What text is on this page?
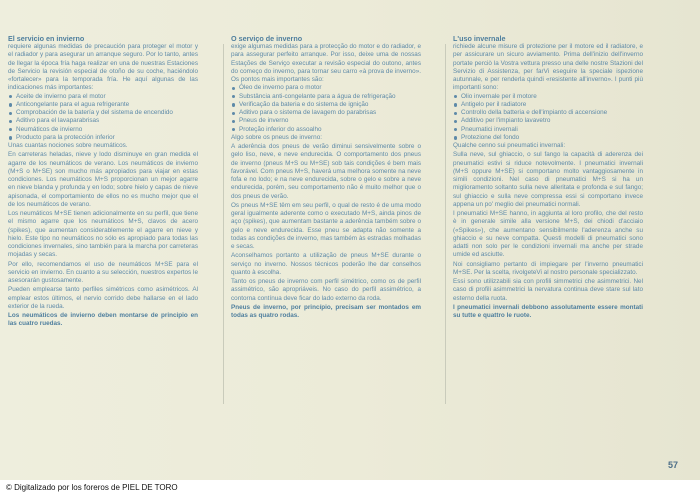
El servicio en invierno

requiere algunas medidas de precaución para proteger el motor y el radiador y para asegurar un arranque seguro. Por lo tanto, antes de llegar la época fría haga realizar en una de nuestras Estaciones de Servicio la revisión especial de otoño de su coche, haciéndolo «fortalecer» para la temporada fría. He aquí algunas de las indicaciones más importantes:

Aceite de invierno para el motor
Anticongelante para el agua refrigerante
Comprobación de la batería y del sistema de encendido
Aditivo para el lavaparabrisas
Neumáticos de invierno
Producto para la protección inferior

Unas cuantas nociones sobre neumáticos.

En carreteras heladas, nieve y lodo disminuye en gran medida el agarre de los neumáticos de verano. Los neumáticos de invierno (M+S o M+SE) son mucho más apropiados para viajar en estas condiciones. Los neumáticos M+S proporcionan un mejor agarre en nieve blanda y profunda y en lodo; sobre hielo y capas de nieve apisonada, el comportamiento de ellos no es mucho mejor que el de los neumáticos de verano.

Los neumáticos M+SE tienen adicionalmente en su perfil, que tiene el mismo agarre que los neumáticos M+S, clavos de acero (spikes), que aumentan considerablemente el agarre en nieve y hielo. Este tipo no neumáticos no sólo es apropiado para todas las condiciones invernales, sino también para la marcha por carreteras mojadas y secas.

Por ello, recomendamos el uso de neumáticos M+SE para el servicio en invierno. En cuanto a su selección, nuestros expertos le asesorarán gustosamente.

Pueden emplearse tanto perfiles simétricos como asimétricos. Al emplear estos últimos, el nervio corrido debe hallarse en el lado exterior de la rueda.

Los neumáticos de invierno deben montarse de principio en las cuatro ruedas.

O serviço de inverno

exige algumas medidas para a protecção do motor e do radiador, e para assegurar perfeito arranque. Por isso, deixe uma de nossas Estações de Serviço executar a revisão especial do outono, antes do começo do inverno, para tornar seu carro «à prova de inverno». Os pontos mais importantes são:

Óleo de inverno para o motor
Substância anti-congelante para a água de refrigeração
Verificação da bateria e do sistema de ignição
Aditivo para o sistema de lavagem do parabrisas
Pneus de inverno
Proteção inferior do assoalho

Algo sobre os pneus de inverno:

A aderência dos pneus de verão diminui sensivelmente sobre o gelo liso, neve, e neve endurecida. O comportamento dos pneus de inverno (pneus M+S ou M+SE) sob tais condições é bem mais favorável. Com pneus M+S, haverá uma melhora somente na neve fofa e no lodo; e na neve endurecida, sobre o gelo e sobre a neve endurecida, porém, seu comportamento não é muito melhor que o dos pneus de verão.

Os pneus M+SE têm em seu perfil, o qual de resto é de uma modo geral igualmente aderente como o executado M+S, ainda pinos de aço (spikes), que aumentam bastante a aderência também sobre o gelo e neve endurecida. Esse pneu se adapta não somente a todas as condições de inverno, mas também às estradas molhadas e secas.

Aconselhamos portanto a utilização de pneus M+SE durante o serviço no inverno. Nossos técnicos poderão lhe dar conselhos quanto à escolha.

Tanto os pneus de inverno com perfil simétrico, como os de perfil assimétrico, são apropriáveis. No caso do perfil assimétrico, a contorna contínua deve ficar do lado externo da roda.

Pneus de inverno, por princípio, precisam ser montados em todas as quatro rodas.

L'uso invernale

richiede alcune misure di protezione per il motore ed il radiatore, e per assicurare un sicuro avviamento. Prima dell'inizio dell'inverno portate perciò la Vostra vettura presso una delle nostre Stazioni del Servizio di Assistenza, per farVi eseguire la speciale ispezione autunnale, e per renderla quindi «resistente all'inverno». I punti più importanti sono:

Olio invernale per il motore
Antigelo per il radiatore
Controllo della batteria e dell'impianto di accensione
Additivo per l'impianto lavavetro
Pneumatici invernali
Protezione del fondo

Qualche cenno sui pneumatici invernali:

Sulla neve, sul ghiaccio, o sul fango la capacità di aderenza dei pneumatici estivi si riduce notevolmente. I pneumatici invernali (M+S oppure M+SE) si comportano molto vantaggiosamente in simili condizioni. Nel caso di pneumatici M+S si ha un miglioramento soltanto sulla neve alleritata e profonda e sul fango; sul ghiaccio e sulla neve compressa essi si comportano invece appena un po' meglio dei pneumatici normali.

I pneumatici M+SE hanno, in aggiunta al loro profilo, che del resto è in generale simile alla versione M+S, dei chiodi d'acciaio («Spikes»), che aumentano sensibilmente l'aderenza anche su ghiaccio e su neve compatta. Questi modelli di pneumatici sono adatti non solo per le condizioni invernali ma anche per strade umide ed asciutte.

Noi consigliamo pertanto di impiegare per l'inverno pneumatici M+SE. Per la scelta, rivolgeteVi al nostro personale specializzato.

Essi sono utilizzabili sia con profili simmetrici che asimmetrici. Nel caso di profili asimmetrici la nervatura continua deve stare sul lato esterno della ruota.

I pneumatici invernali debbono assolutamente essere montati su tutte e quattro le ruote.

57
© Digitalizado por los foreros de PIEL DE TORO
